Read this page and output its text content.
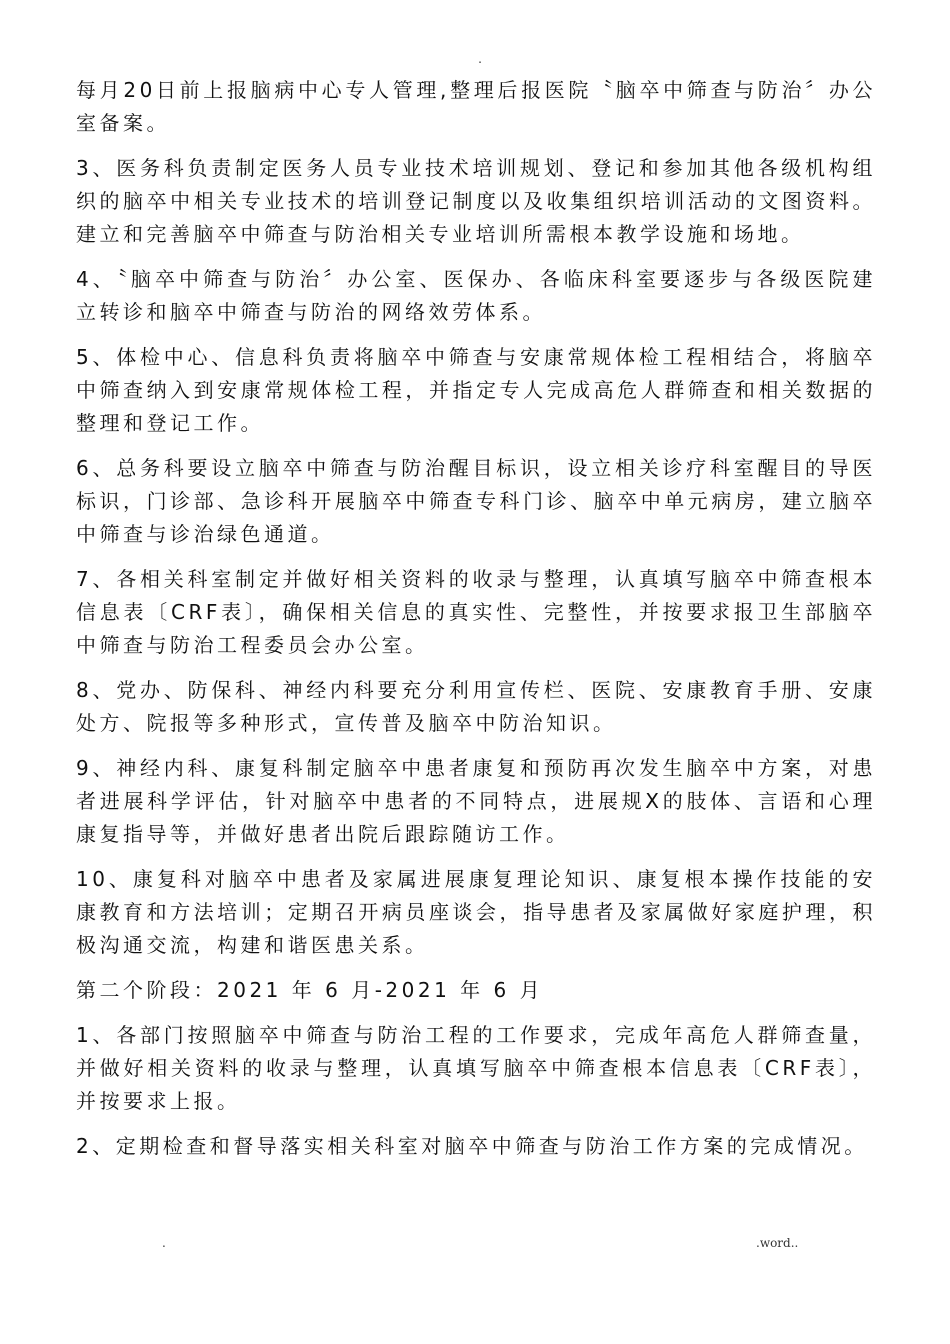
.

每月20日前上报脑病中心专人管理,整理后报医院〝脑卒中筛查与防治〞办公室备案。

3、医务科负责制定医务人员专业技术培训规划、登记和参加其他各级机构组织的脑卒中相关专业技术的培训登记制度以及收集组织培训活动的文图资料。建立和完善脑卒中筛查与防治相关专业培训所需根本教学设施和场地。

4、〝脑卒中筛查与防治〞办公室、医保办、各临床科室要逐步与各级医院建立转诊和脑卒中筛查与防治的网络效劳体系。

5、体检中心、信息科负责将脑卒中筛查与安康常规体检工程相结合，将脑卒中筛查纳入到安康常规体检工程，并指定专人完成高危人群筛查和相关数据的整理和登记工作。

6、总务科要设立脑卒中筛查与防治醒目标识，设立相关诊疗科室醒目的导医标识，门诊部、急诊科开展脑卒中筛查专科门诊、脑卒中单元病房，建立脑卒中筛查与诊治绿色通道。

7、各相关科室制定并做好相关资料的收录与整理，认真填写脑卒中筛查根本信息表〔CRF表〕，确保相关信息的真实性、完整性，并按要求报卫生部脑卒中筛查与防治工程委员会办公室。

8、党办、防保科、神经内科要充分利用宣传栏、医院、安康教育手册、安康处方、院报等多种形式，宣传普及脑卒中防治知识。

9、神经内科、康复科制定脑卒中患者康复和预防再次发生脑卒中方案，对患者进展科学评估，针对脑卒中患者的不同特点，进展规X的肢体、言语和心理康复指导等，并做好患者出院后跟踪随访工作。

10、康复科对脑卒中患者及家属进展康复理论知识、康复根本操作技能的安康教育和方法培训；定期召开病员座谈会，指导患者及家属做好家庭护理，积极沟通交流，构建和谐医患关系。

第二个阶段：2021 年 6 月-2021 年 6 月

1、各部门按照脑卒中筛查与防治工程的工作要求，完成年高危人群筛查量，并做好相关资料的收录与整理，认真填写脑卒中筛查根本信息表〔CRF表〕，并按要求上报。

2、定期检查和督导落实相关科室对脑卒中筛查与防治工作方案的完成情况。

.	.word..
